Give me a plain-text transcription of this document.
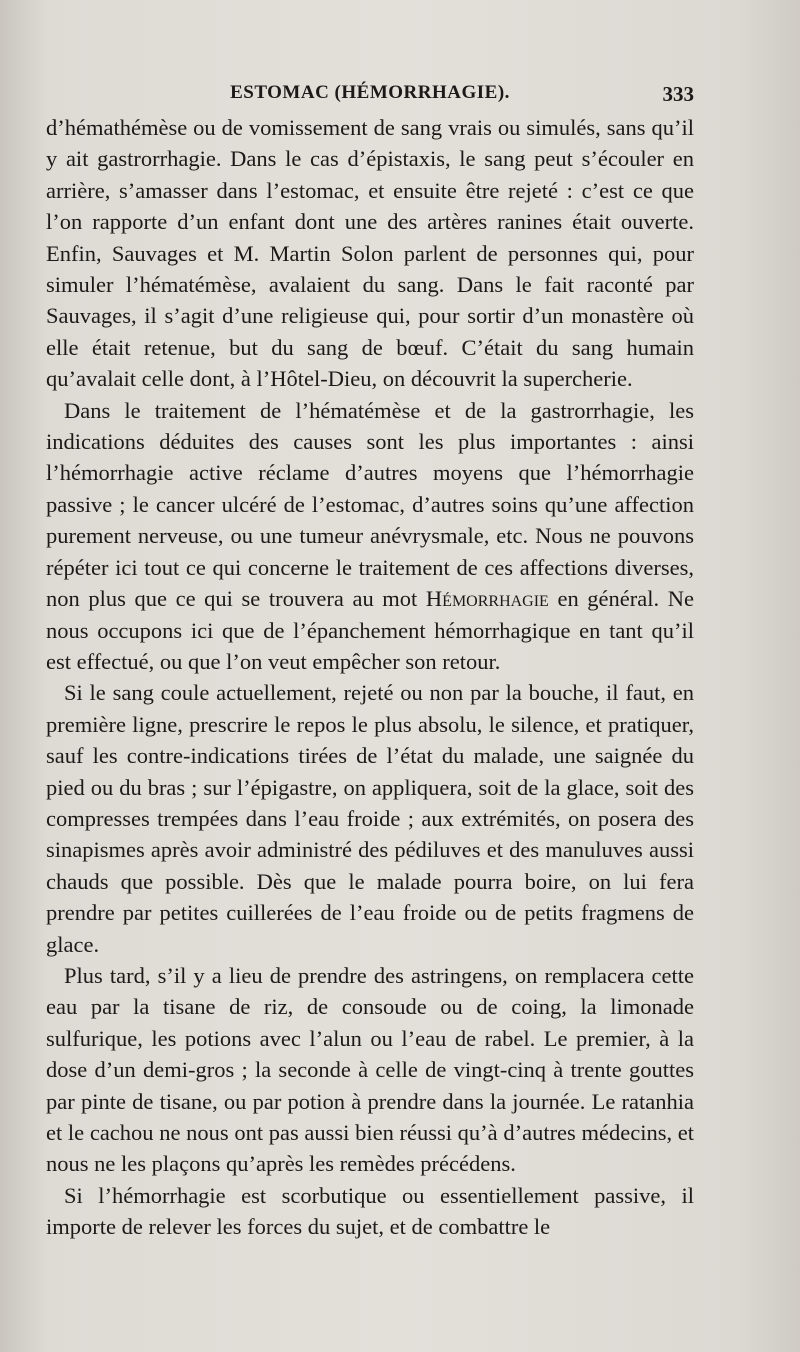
ESTOMAC (HÉMORRHAGIE).	333

d’hémathémèse ou de vomissement de sang vrais ou simulés, sans qu’il y ait gastrorrhagie. Dans le cas d’épistaxis, le sang peut s’écouler en arrière, s’amasser dans l’estomac, et ensuite être rejeté : c’est ce que l’on rapporte d’un enfant dont une des artères ranines était ouverte. Enfin, Sauvages et M. Martin Solon parlent de personnes qui, pour simuler l’hématémèse, avalaient du sang. Dans le fait raconté par Sauvages, il s’agit d’une religieuse qui, pour sortir d’un monastère où elle était retenue, but du sang de bœuf. C’était du sang humain qu’avalait celle dont, à l’Hôtel-Dieu, on découvrit la supercherie.

Dans le traitement de l’hématémèse et de la gastrorrhagie, les indications déduites des causes sont les plus importantes : ainsi l’hémorrhagie active réclame d’autres moyens que l’hémorrhagie passive ; le cancer ulcéré de l’estomac, d’autres soins qu’une affection purement nerveuse, ou une tumeur anévrysmale, etc. Nous ne pouvons répéter ici tout ce qui concerne le traitement de ces affections diverses, non plus que ce qui se trouvera au mot Hémorrhagie en général. Ne nous occupons ici que de l’épanchement hémorrhagique en tant qu’il est effectué, ou que l’on veut empêcher son retour.

Si le sang coule actuellement, rejeté ou non par la bouche, il faut, en première ligne, prescrire le repos le plus absolu, le silence, et pratiquer, sauf les contre-indications tirées de l’état du malade, une saignée du pied ou du bras ; sur l’épigastre, on appliquera, soit de la glace, soit des compresses trempées dans l’eau froide ; aux extrémités, on posera des sinapismes après avoir administré des pédiluves et des manuluves aussi chauds que possible. Dès que le malade pourra boire, on lui fera prendre par petites cuillerées de l’eau froide ou de petits fragmens de glace.

Plus tard, s’il y a lieu de prendre des astringens, on remplacera cette eau par la tisane de riz, de consoude ou de coing, la limonade sulfurique, les potions avec l’alun ou l’eau de rabel. Le premier, à la dose d’un demi-gros ; la seconde à celle de vingt-cinq à trente gouttes par pinte de tisane, ou par potion à prendre dans la journée. Le ratanhia et le cachou ne nous ont pas aussi bien réussi qu’à d’autres médecins, et nous ne les plaçons qu’après les remèdes précédens.

Si l’hémorrhagie est scorbutique ou essentiellement passive, il importe de relever les forces du sujet, et de combattre le
